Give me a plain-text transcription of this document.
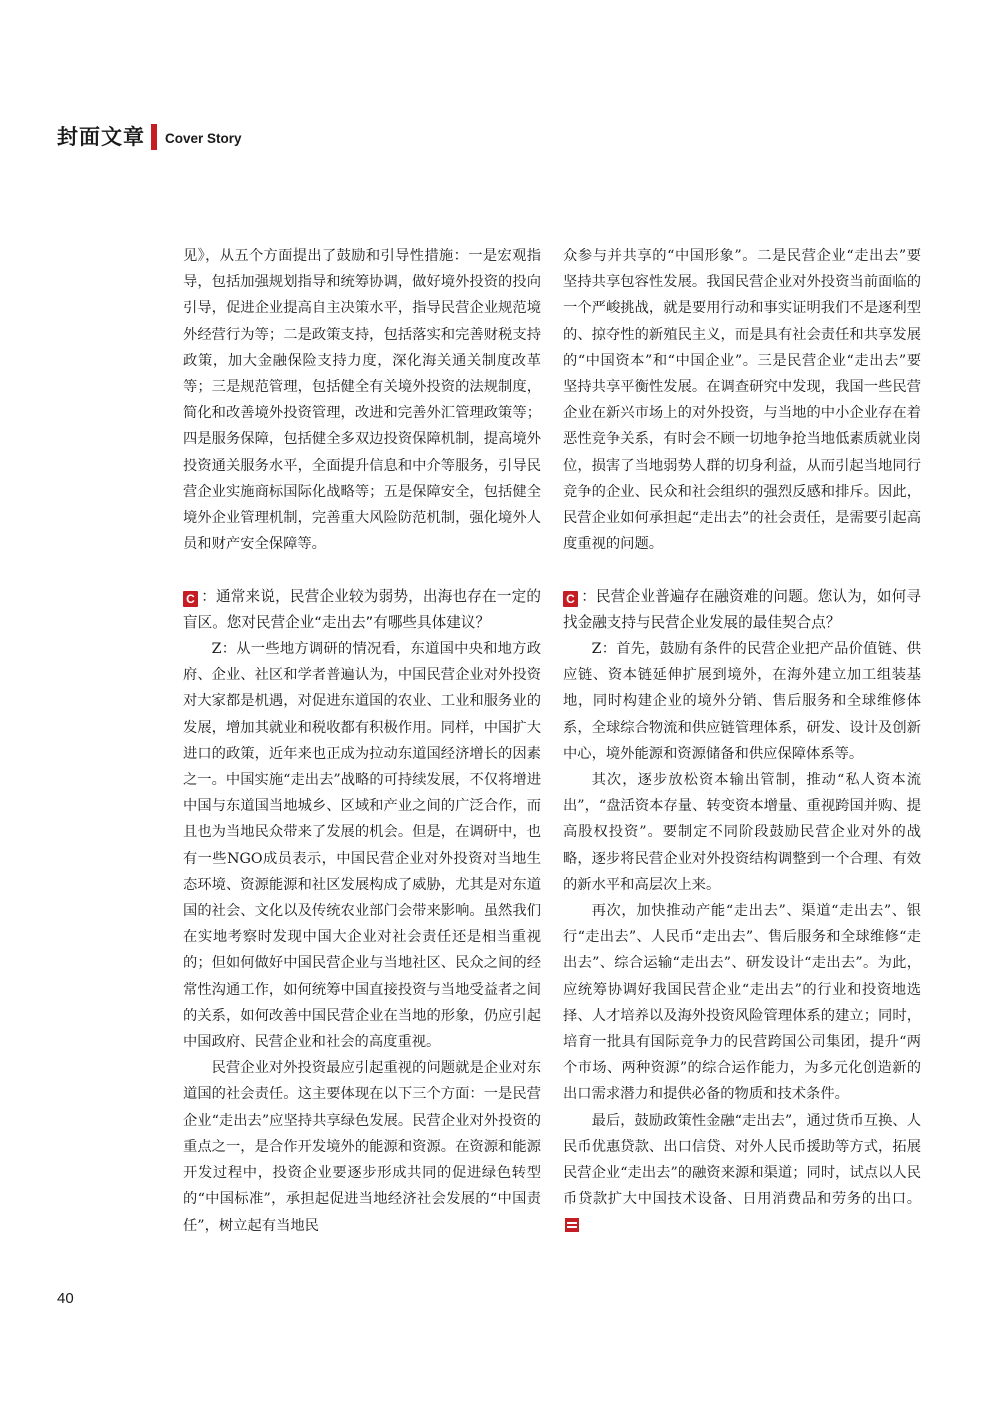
封面文章 Cover Story

见》，从五个方面提出了鼓励和引导性措施：一是宏观指导，包括加强规划指导和统筹协调，做好境外投资的投向引导，促进企业提高自主决策水平，指导民营企业规范境外经营行为等；二是政策支持，包括落实和完善财税支持政策，加大金融保险支持力度，深化海关通关制度改革等；三是规范管理，包括健全有关境外投资的法规制度，简化和改善境外投资管理，改进和完善外汇管理政策等；四是服务保障，包括健全多双边投资保障机制，提高境外投资通关服务水平，全面提升信息和中介等服务，引导民营企业实施商标国际化战略等；五是保障安全，包括健全境外企业管理机制，完善重大风险防范机制，强化境外人员和财产安全保障等。

C ：通常来说，民营企业较为弱势，出海也存在一定的盲区。您对民营企业“走出去”有哪些具体建议？

Z：从一些地方调研的情况看，东道国中央和地方政府、企业、社区和学者普遍认为，中国民营企业对外投资对大家都是机遇，对促进东道国的农业、工业和服务业的发展，增加其就业和税收都有积极作用。同样，中国扩大进口的政策，近年来也正成为拉动东道国经济增长的因素之一。中国实施“走出去”战略的可持续发展，不仅将增进中国与东道国当地城乡、区域和产业之间的广泛合作，而且也为当地民众带来了发展的机会。但是，在调研中，也有一些NGO成员表示，中国民营企业对外投资对当地生态环境、资源能源和社区发展构成了威胁，尤其是对东道国的社会、文化以及传统农业部门会带来影响。虽然我们在实地考察时发现中国大企业对社会责任还是相当重视的；但如何做好中国民营企业与当地社区、民众之间的经常性沟通工作，如何统筹中国直接投资与当地受益者之间的关系，如何改善中国民营企业在当地的形象，仍应引起中国政府、民营企业和社会的高度重视。

民营企业对外投资最应引起重视的问题就是企业对东道国的社会责任。这主要体现在以下三个方面：一是民营企业“走出去”应坚持共享绿色发展。民营企业对外投资的重点之一，是合作开发境外的能源和资源。在资源和能源开发过程中，投资企业要逐步形成共同的促进绿色转型的“中国标准”，承担起促进当地经济社会发展的“中国责任”，树立起有当地民

众参与并共享的“中国形象”。二是民营企业“走出去”要坚持共享包容性发展。我国民营企业对外投资当前面临的一个严峻挑战，就是要用行动和事实证明我们不是逐利型的、掠夺性的新殖民主义，而是具有社会责任和共享发展的“中国资本”和“中国企业”。三是民营企业“走出去”要坚持共享平衡性发展。在调查研究中发现，我国一些民营企业在新兴市场上的对外投资，与当地的中小企业存在着恶性竞争关系，有时会不顾一切地争抢当地低素质就业岗位，损害了当地弱势人群的切身利益，从而引起当地同行竞争的企业、民众和社会组织的强烈反感和排斥。因此，民营企业如何承担起“走出去”的社会责任，是需要引起高度重视的问题。

C ：民营企业普遍存在融资难的问题。您认为，如何寻找金融支持与民营企业发展的最佳契合点？

Z：首先，鼓励有条件的民营企业把产品价值链、供应链、资本链延伸扩展到境外，在海外建立加工组装基地，同时构建企业的境外分销、售后服务和全球维修体系，全球综合物流和供应链管理体系，研发、设计及创新中心，境外能源和资源储备和供应保障体系等。

其次，逐步放松资本输出管制，推动“私人资本流出”，“盘活资本存量、转变资本增量、重视跨国并购、提高股权投资”。要制定不同阶段鼓励民营企业对外的战略，逐步将民营企业对外投资结构调整到一个合理、有效的新水平和高层次上来。

再次，加快推动产能“走出去”、渠道“走出去”、银行“走出去”、人民币“走出去”、售后服务和全球维修“走出去”、综合运输“走出去”、研发设计“走出去”。为此，应统筹协调好我国民营企业“走出去”的行业和投资地选择、人才培养以及海外投资风险管理体系的建立；同时，培育一批具有国际竞争力的民营跨国公司集团，提升“两个市场、两种资源”的综合运作能力，为多元化创造新的出口需求潜力和提供必备的物质和技术条件。

最后，鼓励政策性金融“走出去”，通过货币互换、人民币优惠贷款、出口信贷、对外人民币援助等方式，拓展民营企业“走出去”的融资来源和渠道；同时，试点以人民币贷款扩大中国技术设备、日用消费品和劳务的出口。

40
